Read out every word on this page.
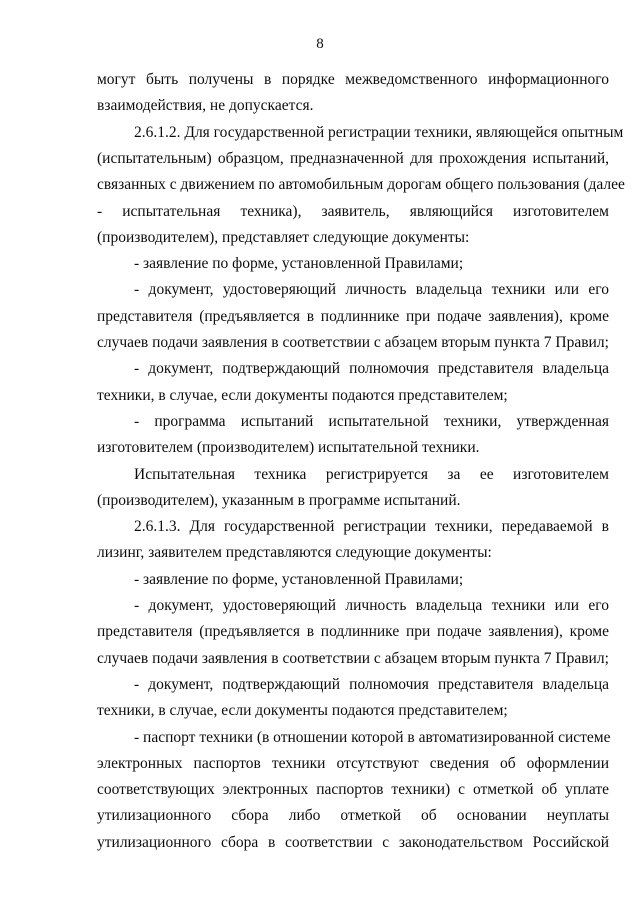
8
могут быть получены в порядке межведомственного информационного
взаимодействия, не допускается.
2.6.1.2. Для государственной регистрации техники, являющейся опытным
(испытательным) образцом, предназначенной для прохождения испытаний,
связанных с движением по автомобильным дорогам общего пользования (далее
- испытательная техника), заявитель, являющийся изготовителем
(производителем), представляет следующие документы:
- заявление по форме, установленной Правилами;
- документ, удостоверяющий личность владельца техники или его
представителя (предъявляется в подлиннике при подаче заявления), кроме
случаев подачи заявления в соответствии с абзацем вторым пункта 7 Правил;
- документ, подтверждающий полномочия представителя владельца
техники, в случае, если документы подаются представителем;
- программа испытаний испытательной техники, утвержденная
изготовителем (производителем) испытательной техники.
Испытательная техника регистрируется за ее изготовителем
(производителем), указанным в программе испытаний.
2.6.1.3. Для государственной регистрации техники, передаваемой в
лизинг, заявителем представляются следующие документы:
- заявление по форме, установленной Правилами;
- документ, удостоверяющий личность владельца техники или его
представителя (предъявляется в подлиннике при подаче заявления), кроме
случаев подачи заявления в соответствии с абзацем вторым пункта 7 Правил;
- документ, подтверждающий полномочия представителя владельца
техники, в случае, если документы подаются представителем;
- паспорт техники (в отношении которой в автоматизированной системе
электронных паспортов техники отсутствуют сведения об оформлении
соответствующих электронных паспортов техники) с отметкой об уплате
утилизационного сбора либо отметкой об основании неуплаты
утилизационного сбора в соответствии с законодательством Российской
